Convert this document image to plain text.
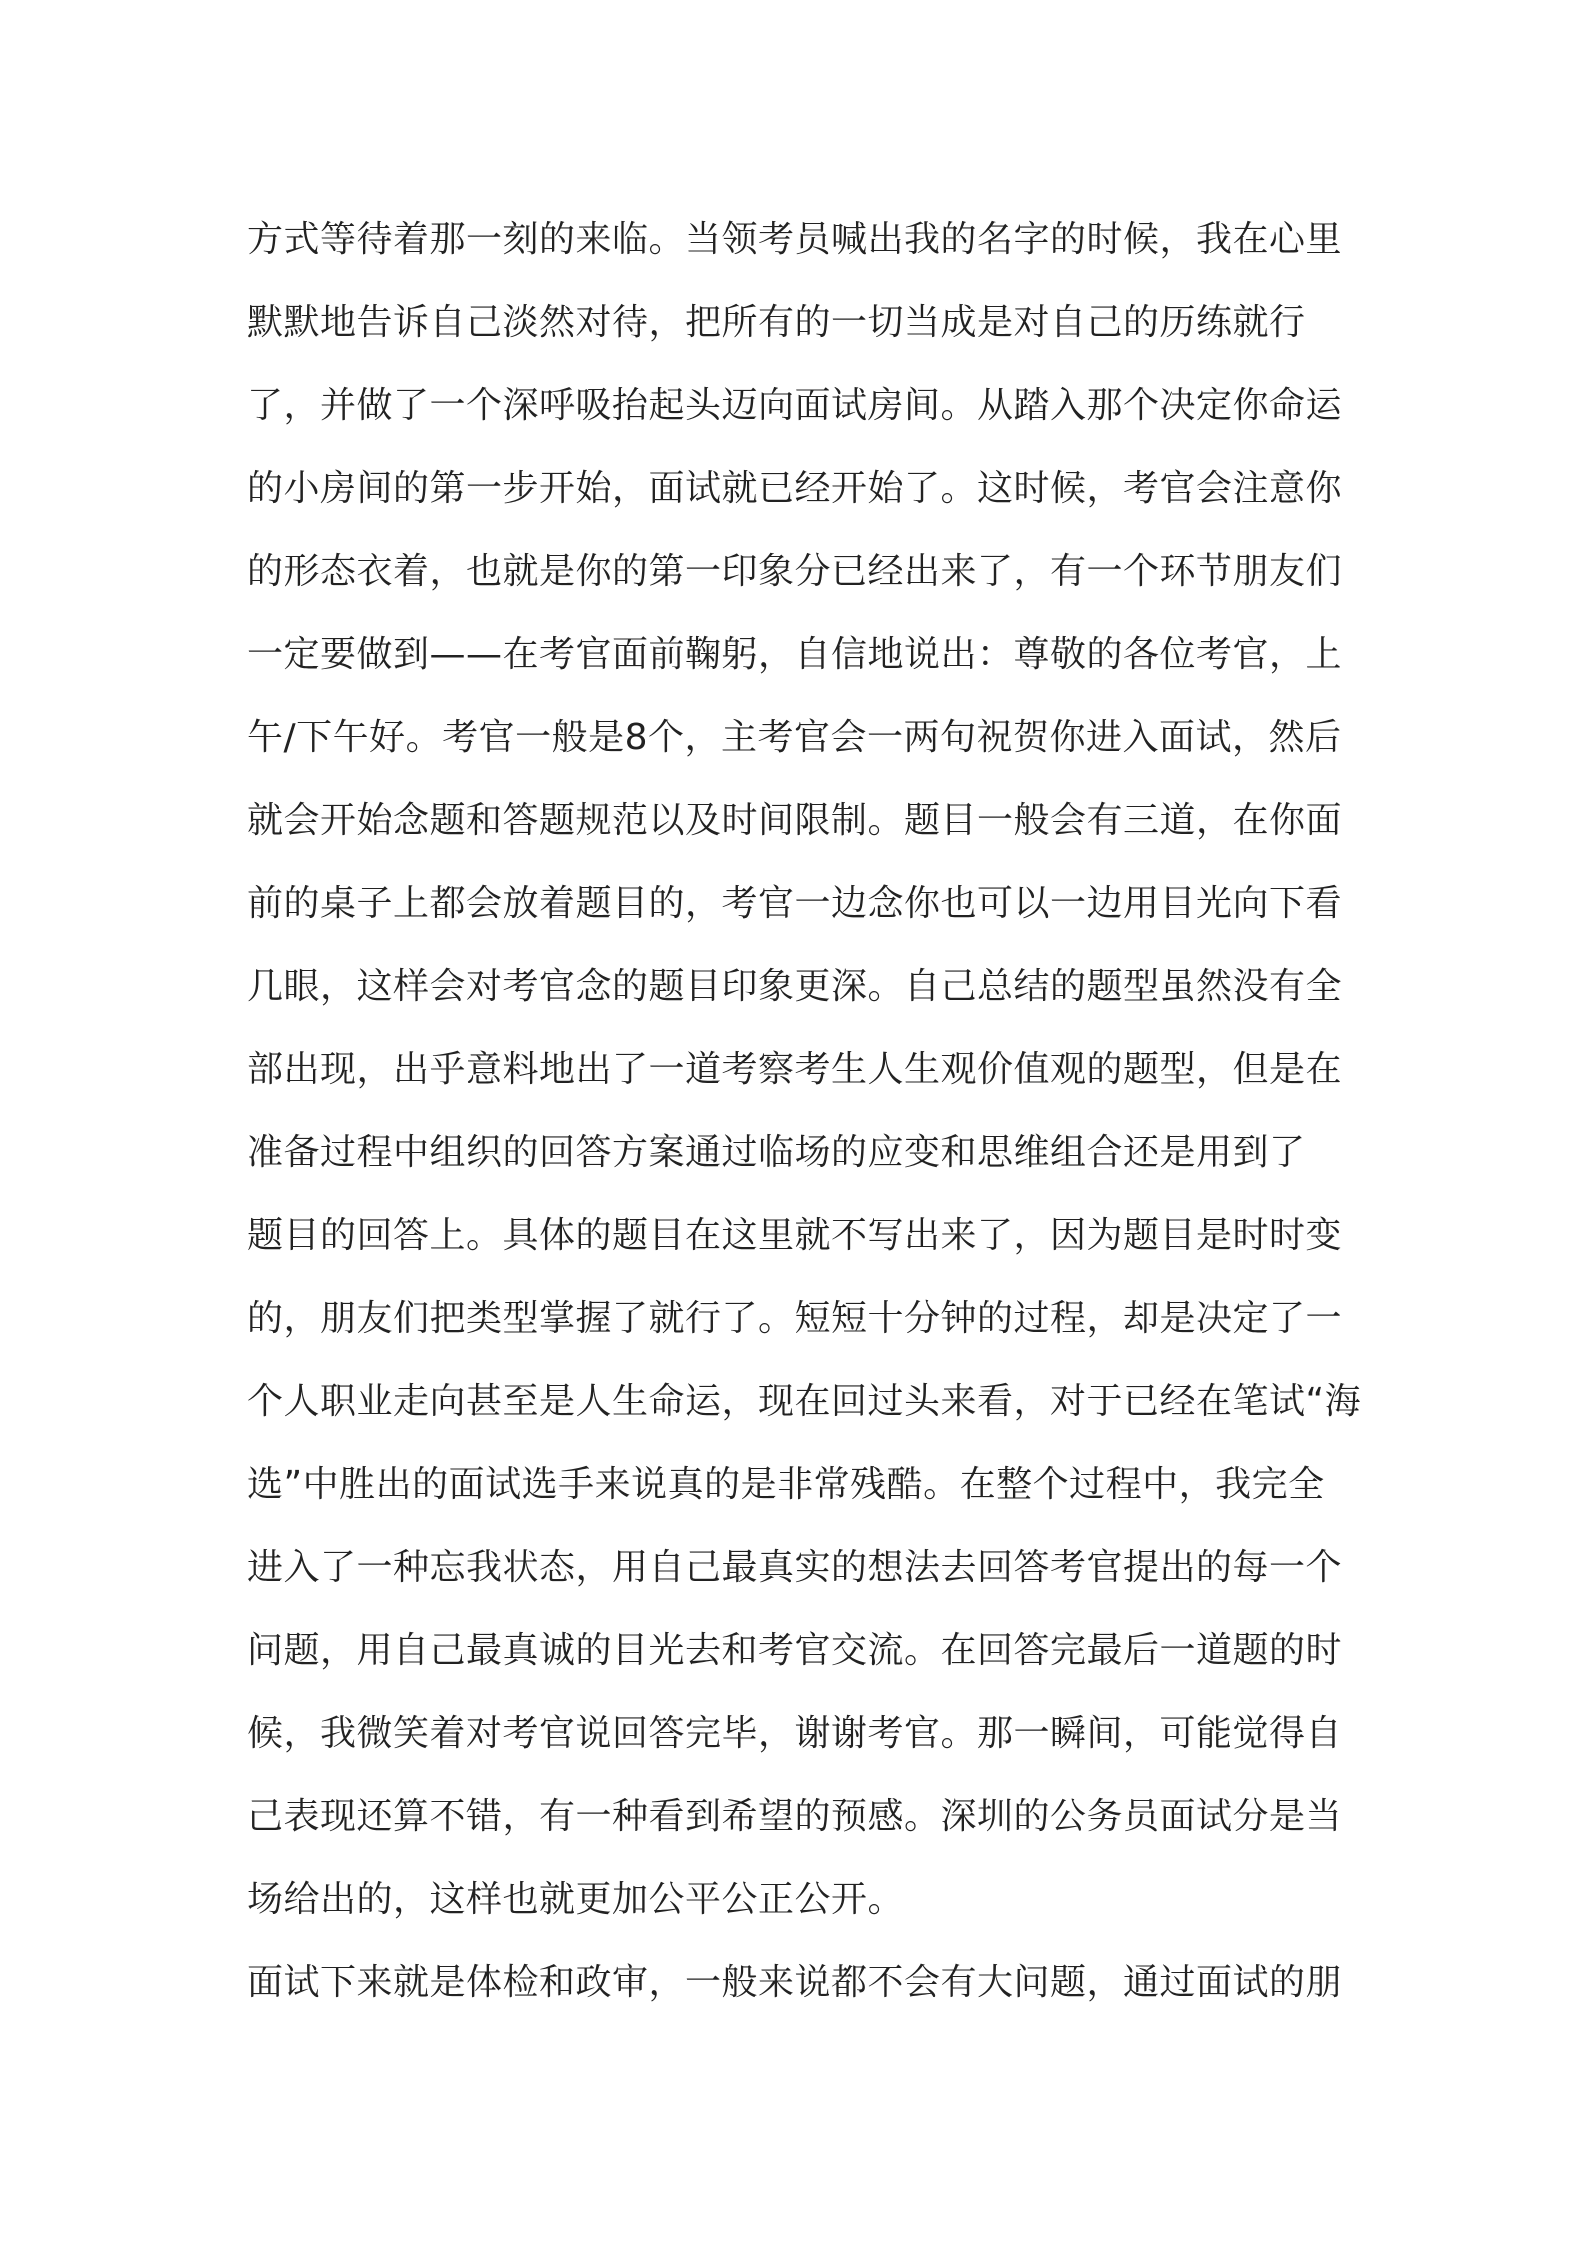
方式等待着那一刻的来临。当领考员喊出我的名字的时候，我在心里
默默地告诉自己淡然对待，把所有的一切当成是对自己的历练就行
了，并做了一个深呼吸抬起头迈向面试房间。从踏入那个决定你命运
的小房间的第一步开始，面试就已经开始了。这时候，考官会注意你
的形态衣着，也就是你的第一印象分已经出来了，有一个环节朋友们
一定要做到——在考官面前鞠躬，自信地说出：尊敬的各位考官，上
午/下午好。考官一般是8个，主考官会一两句祝贺你进入面试，然后
就会开始念题和答题规范以及时间限制。题目一般会有三道，在你面
前的桌子上都会放着题目的，考官一边念你也可以一边用目光向下看
几眼，这样会对考官念的题目印象更深。自己总结的题型虽然没有全
部出现，出乎意料地出了一道考察考生人生观价值观的题型，但是在
准备过程中组织的回答方案通过临场的应变和思维组合还是用到了
题目的回答上。具体的题目在这里就不写出来了，因为题目是时时变
的，朋友们把类型掌握了就行了。短短十分钟的过程，却是决定了一
个人职业走向甚至是人生命运，现在回过头来看，对于已经在笔试“海
选”中胜出的面试选手来说真的是非常残酷。在整个过程中，我完全
进入了一种忘我状态，用自己最真实的想法去回答考官提出的每一个
问题，用自己最真诚的目光去和考官交流。在回答完最后一道题的时
候，我微笑着对考官说回答完毕，谢谢考官。那一瞬间，可能觉得自
己表现还算不错，有一种看到希望的预感。深圳的公务员面试分是当
场给出的，这样也就更加公平公正公开。
面试下来就是体检和政审，一般来说都不会有大问题，通过面试的朋
